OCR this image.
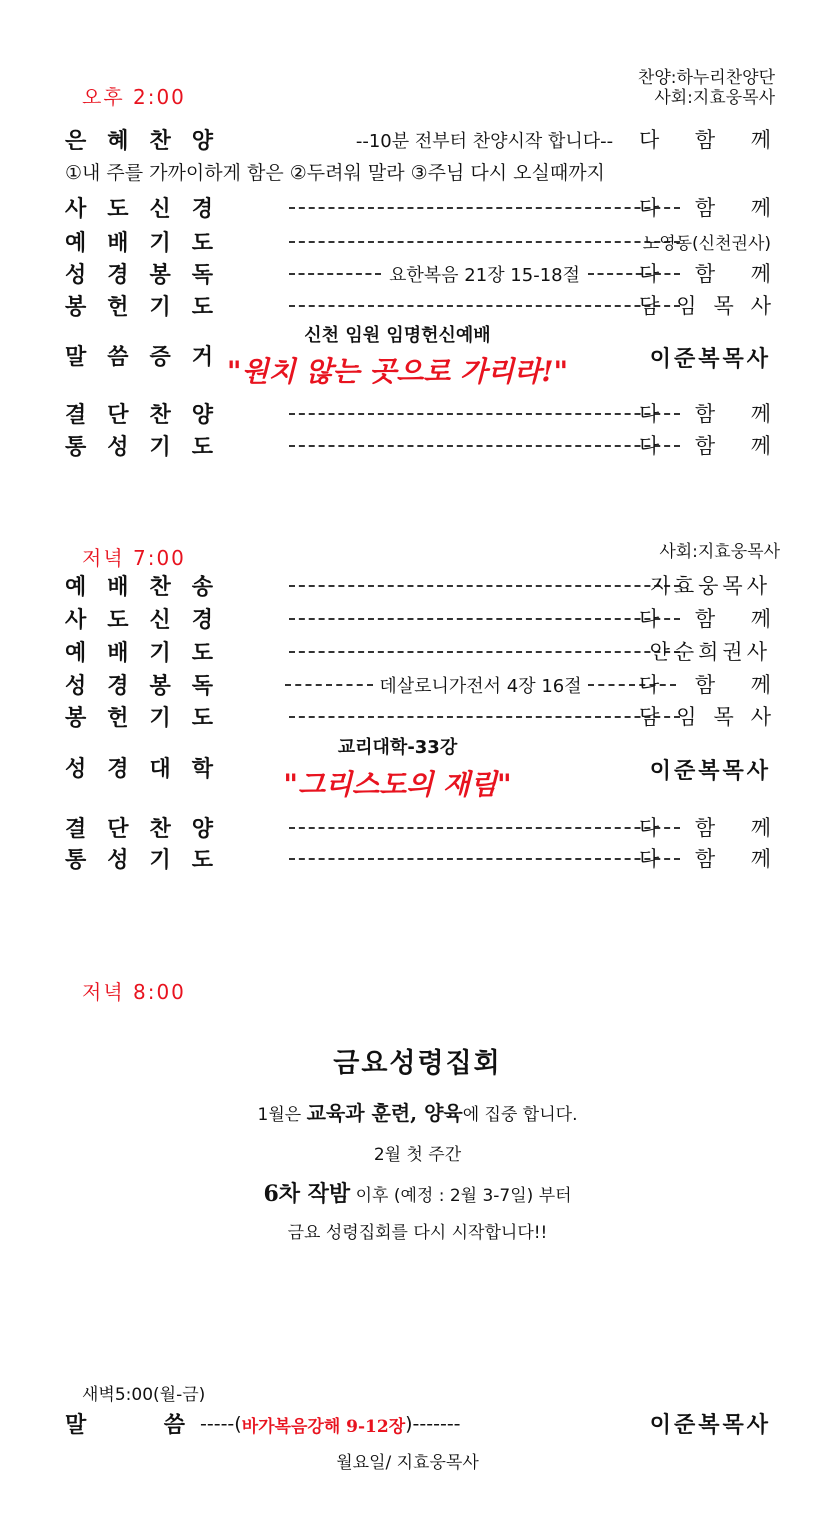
오후 2:00
찬양:하누리찬양단
사회:지효웅목사
은 혜 찬 양	--10분 전부터 찬양시작 합니다--	다 함 께
①내 주를 가까이하게 함은 ②두려워 말라 ③주님 다시 오실때까지
사 도 신 경	다 함 께
예 배 기 도	노영동(신천권사)
성 경 봉 독	요한복음 21장 15-18절	다 함 께
봉 헌 기 도	담 임 목 사
신천 임원 임명헌신예배
말 씀 증 거	이준복목사
"원치 않는 곳으로 가리라!"
결 단 찬 양	다 함 께
통 성 기 도	다 함 께
저녁 7:00	사회:지효웅목사
예 배 찬 송	지효웅목사
사 도 신 경	다 함 께
예 배 기 도	안순희권사
성 경 봉 독	데살로니가전서 4장 16절	다 함 께
봉 헌 기 도	담 임 목 사
교리대학-33강
성 경 대 학	이준복목사
"그리스도의 재림"
결 단 찬 양	다 함 께
통 성 기 도	다 함 께
저녁 8:00
금요성령집회
1월은 교육과 훈련, 양육에 집중 합니다.
2월 첫 주간
6차 작밤 이후 (예정 : 2월 3-7일) 부터
금요 성령집회를 다시 시작합니다!!
새벽5:00(월-금)
말	씀 -----( 바가복음강해 9-12장 )-------	이준복목사
월요일/ 지효웅목사
